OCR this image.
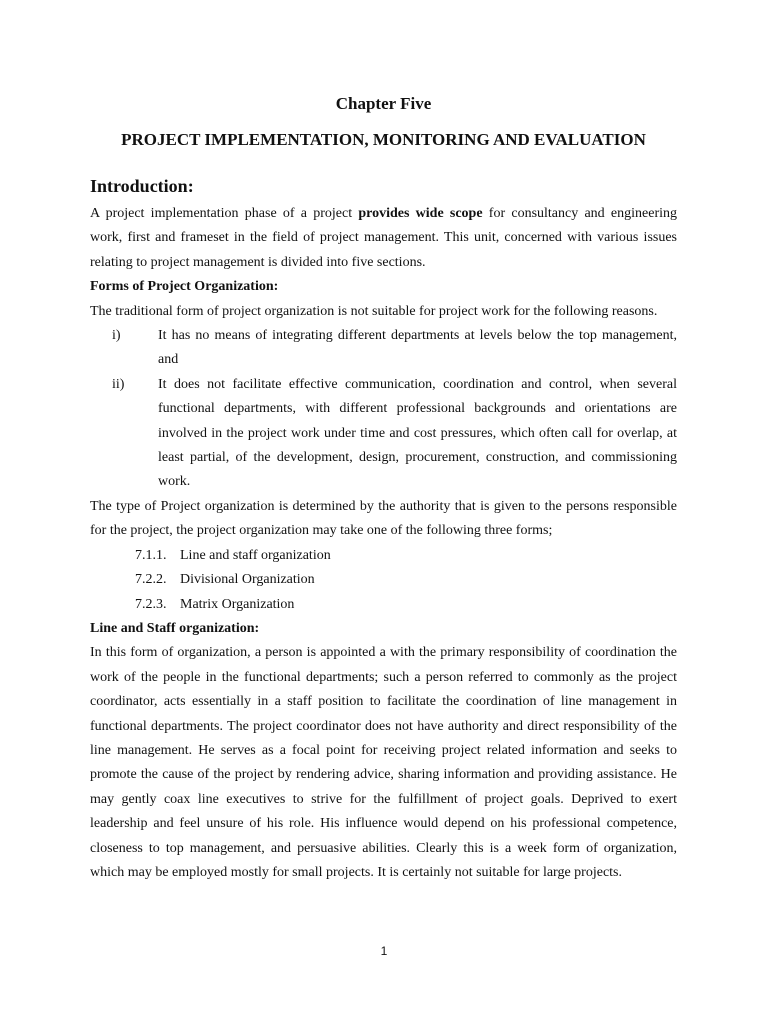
Chapter Five
PROJECT IMPLEMENTATION, MONITORING AND EVALUATION
Introduction:

A project implementation phase of a project provides wide scope for consultancy and engineering work, first and frameset in the field of project management. This unit, concerned with various issues relating to project management is divided into five sections.

Forms of Project Organization:

The traditional form of project organization is not suitable for project work for the following reasons.

i)	It has no means of integrating different departments at levels below the top management, and
ii)	It does not facilitate effective communication, coordination and control, when several functional departments, with different professional backgrounds and orientations are involved in the project work under time and cost pressures, which often call for overlap, at least partial, of the development, design, procurement, construction, and commissioning work.

The type of Project organization is determined by the authority that is given to the persons responsible for the project, the project organization may take one of the following three forms;

7.1.1. Line and staff organization
7.2.2. Divisional Organization
7.2.3. Matrix Organization

Line and Staff organization:

In this form of organization, a person is appointed a with the primary responsibility of coordination the work of the people in the functional departments; such a person referred to commonly as the project coordinator, acts essentially in a staff position to facilitate the coordination of line management in functional departments. The project coordinator does not have authority and direct responsibility of the line management. He serves as a focal point for receiving project related information and seeks to promote the cause of the project by rendering advice, sharing information and providing assistance. He may gently coax line executives to strive for the fulfillment of project goals. Deprived to exert leadership and feel unsure of his role. His influence would depend on his professional competence, closeness to top management, and persuasive abilities. Clearly this is a week form of organization, which may be employed mostly for small projects. It is certainly not suitable for large projects.

1
